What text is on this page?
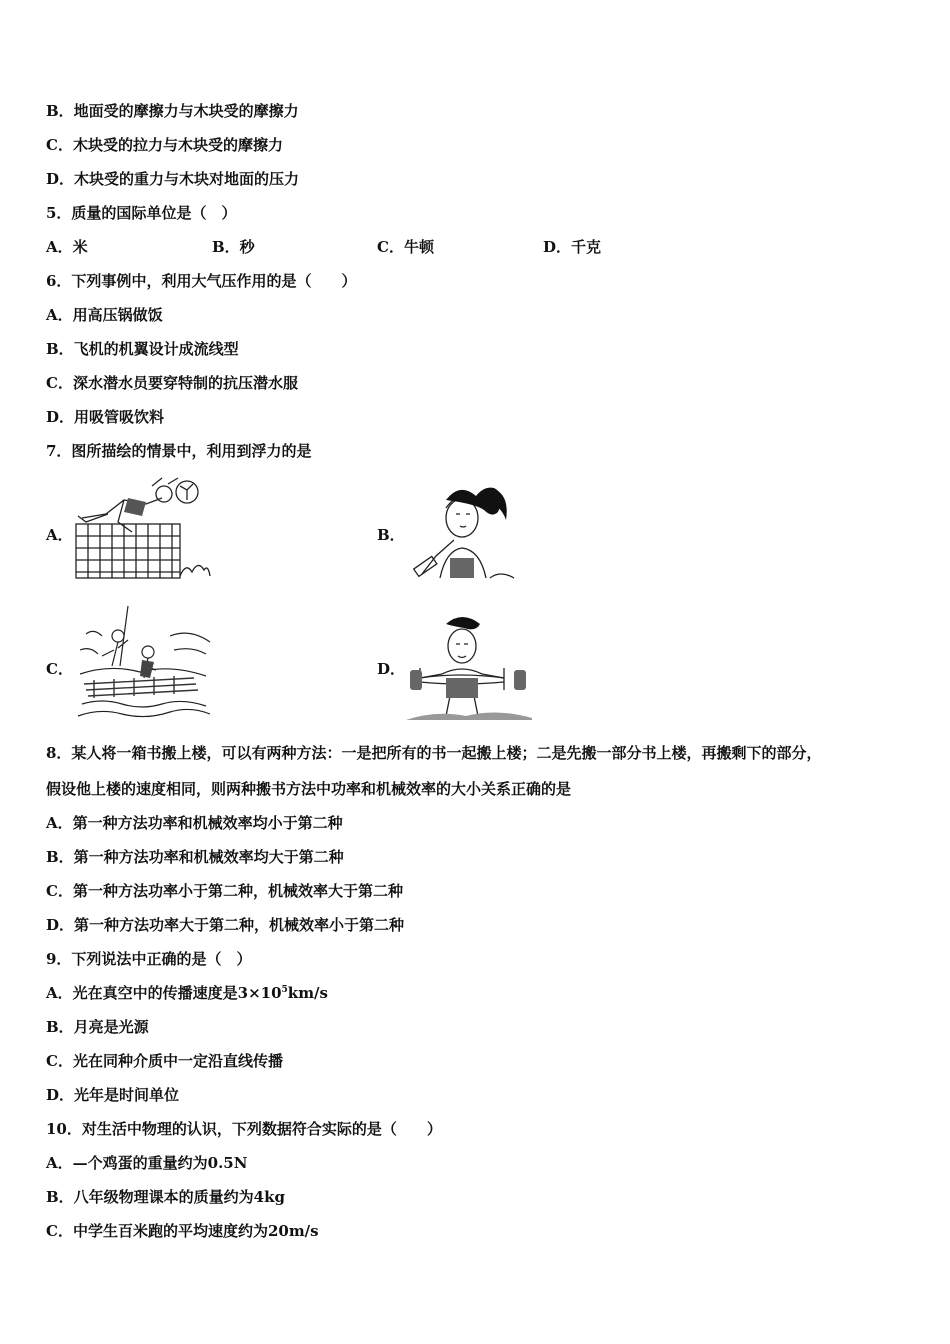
B．地面受的摩擦力与木块受的摩擦力
C．木块受的拉力与木块受的摩擦力
D．木块受的重力与木块对地面的压力
5．质量的国际单位是（　）
A．米	B．秒	C．牛顿	D．千克
6．下列事例中，利用大气压作用的是（　　）
A．用高压锅做饭
B．飞机的机翼设计成流线型
C．深水潜水员要穿特制的抗压潜水服
D．用吸管吸饮料
7．图所描绘的情景中，利用到浮力的是
A．	B．
C．	D．
8．某人将一箱书搬上楼，可以有两种方法：一是把所有的书一起搬上楼；二是先搬一部分书上楼，再搬剩下的部分，
假设他上楼的速度相同，则两种搬书方法中功率和机械效率的大小关系正确的是
A．第一种方法功率和机械效率均小于第二种
B．第一种方法功率和机械效率均大于第二种
C．第一种方法功率小于第二种，机械效率大于第二种
D．第一种方法功率大于第二种，机械效率小于第二种
9．下列说法中正确的是（　）
A．光在真空中的传播速度是$3\times 10^5km/s$
B．月亮是光源
C．光在同种介质中一定沿直线传播
D．光年是时间单位
10．对生活中物理的认识，下列数据符合实际的是（　　）
A．—个鸡蛋的重量约为0.5N
B．八年级物理课本的质量约为4kg
C．中学生百米跑的平均速度约为20m/s
